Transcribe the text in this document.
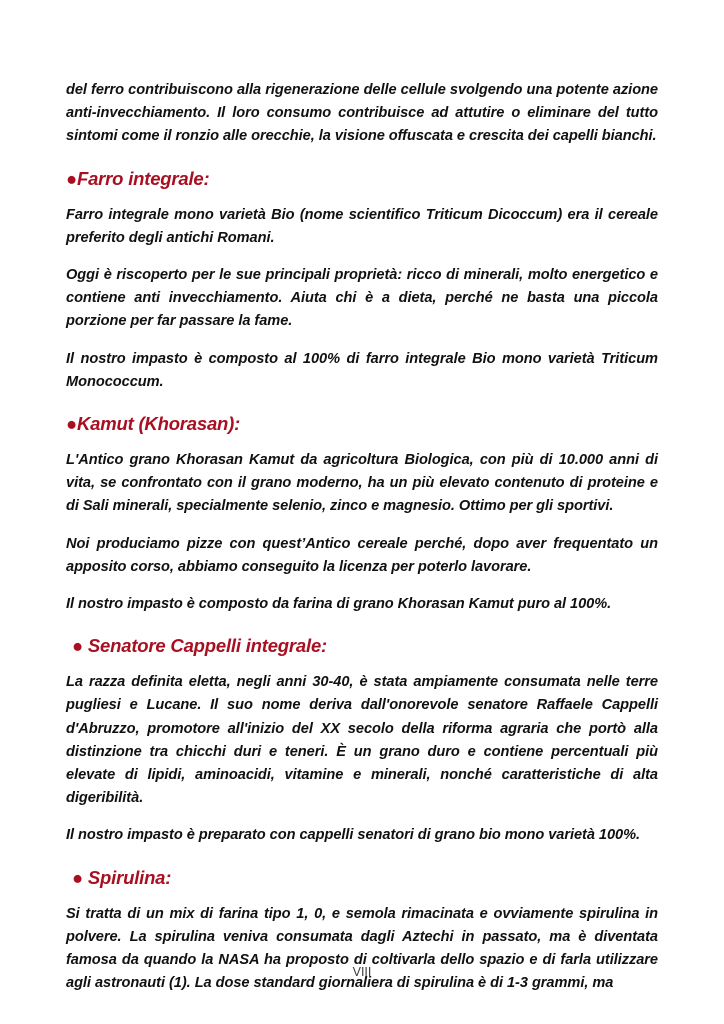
del ferro contribuiscono alla rigenerazione delle cellule svolgendo una potente azione anti-invecchiamento. Il loro consumo contribuisce ad attutire o eliminare del tutto sintomi come il ronzio alle orecchie, la visione offuscata e crescita dei capelli bianchi.

●Farro integrale:

Farro integrale mono varietà Bio (nome scientifico Triticum Dicoccum) era il cereale preferito degli antichi Romani.

Oggi è riscoperto per le sue principali proprietà: ricco di minerali, molto energetico e contiene anti invecchiamento. Aiuta chi è a dieta, perché ne basta una piccola porzione per far passare la fame.

Il nostro impasto è composto al 100% di farro integrale Bio mono varietà Triticum Monococcum.

●Kamut (Khorasan):

L'Antico grano Khorasan Kamut da agricoltura Biologica, con più di 10.000 anni di vita, se confrontato con il grano moderno, ha un più elevato contenuto di proteine e di Sali minerali, specialmente selenio, zinco e magnesio. Ottimo per gli sportivi.

Noi produciamo pizze con quest’Antico cereale perché, dopo aver frequentato un apposito corso, abbiamo conseguito la licenza per poterlo lavorare.

Il nostro impasto è composto da farina di grano Khorasan Kamut puro al 100%.

● Senatore Cappelli integrale:

La razza definita eletta, negli anni 30-40, è stata ampiamente consumata nelle terre pugliesi e Lucane. Il suo nome deriva dall'onorevole senatore Raffaele Cappelli d'Abruzzo, promotore all'inizio del XX secolo della riforma agraria che portò alla distinzione tra chicchi duri e teneri. È un grano duro e contiene percentuali più elevate di lipidi, aminoacidi, vitamine e minerali, nonché caratteristiche di alta digeribilità.

Il nostro impasto è preparato con cappelli senatori di grano bio mono varietà 100%.

● Spirulina:

Si tratta di un mix di farina tipo 1, 0, e semola rimacinata e ovviamente spirulina in polvere. La spirulina veniva consumata dagli Aztechi in passato, ma è diventata famosa da quando la NASA ha proposto di coltivarla dello spazio e di farla utilizzare agli astronauti (1). La dose standard giornaliera di spirulina è di 1-3 grammi, ma

VIII
